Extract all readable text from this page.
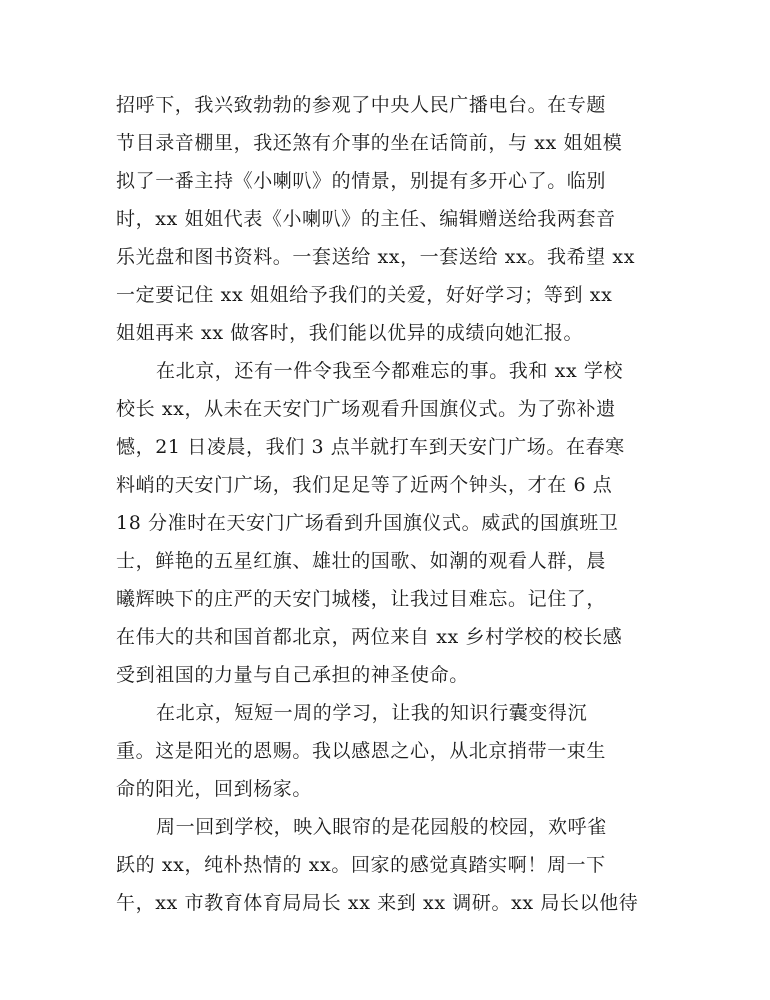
招呼下，我兴致勃勃的参观了中央人民广播电台。在专题
节目录音棚里，我还煞有介事的坐在话筒前，与 xx 姐姐模
拟了一番主持《小喇叭》的情景，别提有多开心了。临别
时，xx 姐姐代表《小喇叭》的主任、编辑赠送给我两套音
乐光盘和图书资料。一套送给 xx，一套送给 xx。我希望 xx
一定要记住 xx 姐姐给予我们的关爱，好好学习；等到 xx
姐姐再来 xx 做客时，我们能以优异的成绩向她汇报。
在北京，还有一件令我至今都难忘的事。我和 xx 学校
校长 xx，从未在天安门广场观看升国旗仪式。为了弥补遗
憾，21 日凌晨，我们 3 点半就打车到天安门广场。在春寒
料峭的天安门广场，我们足足等了近两个钟头，才在 6 点
18 分准时在天安门广场看到升国旗仪式。威武的国旗班卫
士，鲜艳的五星红旗、雄壮的国歌、如潮的观看人群，晨
曦辉映下的庄严的天安门城楼，让我过目难忘。记住了，
在伟大的共和国首都北京，两位来自 xx 乡村学校的校长感
受到祖国的力量与自己承担的神圣使命。
在北京，短短一周的学习，让我的知识行囊变得沉
重。这是阳光的恩赐。我以感恩之心，从北京捎带一束生
命的阳光，回到杨家。
周一回到学校，映入眼帘的是花园般的校园，欢呼雀
跃的 xx，纯朴热情的 xx。回家的感觉真踏实啊！周一下
午，xx 市教育体育局局长 xx 来到 xx 调研。xx 局长以他待
